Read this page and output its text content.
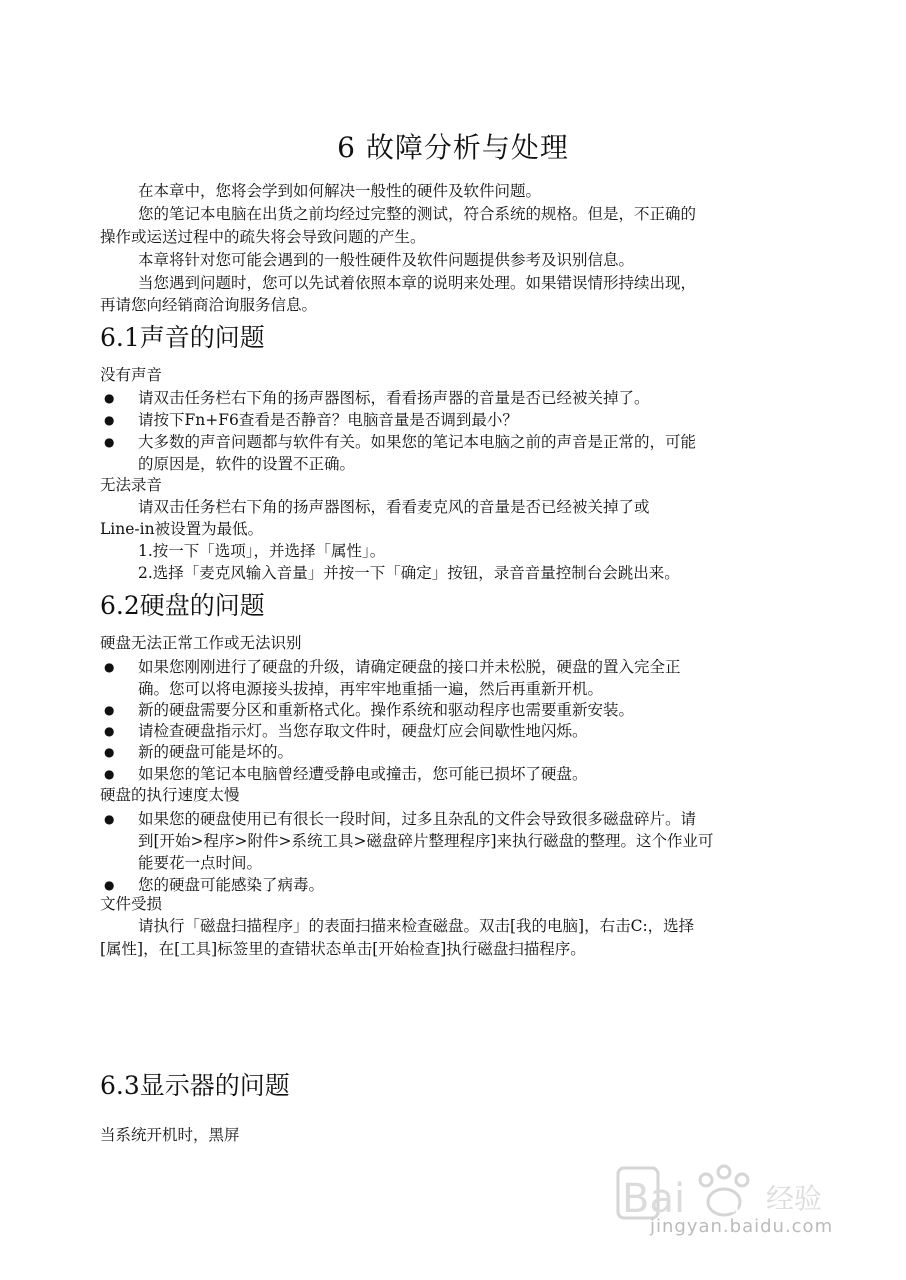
6 故障分析与处理
在本章中，您将会学到如何解决一般性的硬件及软件问题。
您的笔记本电脑在出货之前均经过完整的测试，符合系统的规格。但是，不正确的
操作或运送过程中的疏失将会导致问题的产生。
本章将针对您可能会遇到的一般性硬件及软件问题提供参考及识别信息。
当您遇到问题时，您可以先试着依照本章的说明来处理。如果错误情形持续出现，
再请您向经销商洽询服务信息。
6.1声音的问题
没有声音
● 请双击任务栏右下角的扬声器图标，看看扬声器的音量是否已经被关掉了。
● 请按下Fn+F6查看是否静音？电脑音量是否调到最小？
● 大多数的声音问题都与软件有关。如果您的笔记本电脑之前的声音是正常的，可能
的原因是，软件的设置不正确。
无法录音
请双击任务栏右下角的扬声器图标，看看麦克风的音量是否已经被关掉了或
Line-in被设置为最低。
1.按一下「选项」，并选择「属性」。
2.选择「麦克风输入音量」并按一下「确定」按钮，录音音量控制台会跳出来。
6.2硬盘的问题
硬盘无法正常工作或无法识别
● 如果您刚刚进行了硬盘的升级，请确定硬盘的接口并未松脱，硬盘的置入完全正
确。您可以将电源接头拔掉，再牢牢地重插一遍，然后再重新开机。
● 新的硬盘需要分区和重新格式化。操作系统和驱动程序也需要重新安装。
● 请检查硬盘指示灯。当您存取文件时，硬盘灯应会间歇性地闪烁。
● 新的硬盘可能是坏的。
● 如果您的笔记本电脑曾经遭受静电或撞击，您可能已损坏了硬盘。
硬盘的执行速度太慢
● 如果您的硬盘使用已有很长一段时间，过多且杂乱的文件会导致很多磁盘碎片。请
到[开始>程序>附件>系统工具>磁盘碎片整理程序]来执行磁盘的整理。这个作业可
能要花一点时间。
● 您的硬盘可能感染了病毒。
文件受损
请执行「磁盘扫描程序」的表面扫描来检查磁盘。双击[我的电脑]，右击C:，选择
[属性]，在[工具]标签里的查错状态单击[开始检查]执行磁盘扫描程序。
6.3显示器的问题
当系统开机时，黑屏
Bai du 经验
jingyan.baidu.com
